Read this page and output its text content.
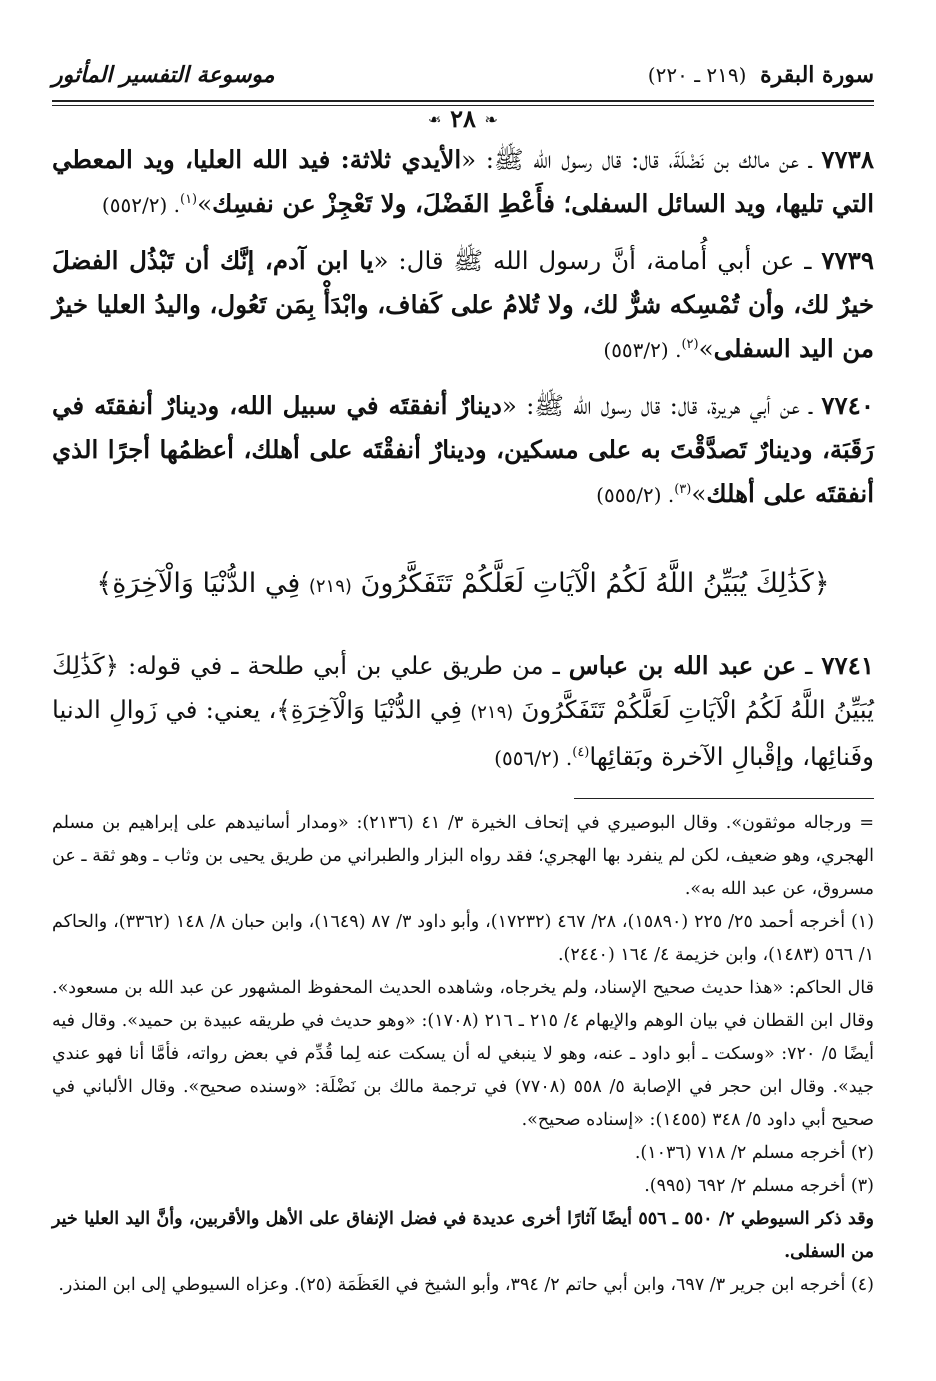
سورة البقرة (٢١٩ ـ ٢٢٠)
موسوعة التفسير المأثور
❧ ٢٨ ❧

٧٧٣٨ ـ عن مالك بن نَضْلَةَ، قال: قال رسول الله ﷺ: «الأيدي ثلاثة: فيد الله العليا، ويد المعطي التي تليها، ويد السائل السفلى؛ فأَعْطِ الفَضْلَ، ولا تَعْجِزْ عن نفسِك»$^{(١)}$. (٥٥٢/٢)

٧٧٣٩ ـ عن أبي أُمامة، أنَّ رسول الله ﷺ قال: «يا ابن آدم، إنَّك أن تَبْذُل الفضلَ خيرٌ لك، وأن تُمْسِكه شرٌّ لك، ولا تُلامُ على كَفاف، وابْدَأْ بِمَن تَعُول، واليدُ العليا خيرٌ من اليد السفلى»$^{(٢)}$. (٥٥٣/٢)

٧٧٤٠ ـ عن أبي هريرة، قال: قال رسول الله ﷺ: «دينارٌ أنفقتَه في سبيل الله، ودينارٌ أنفقتَه في رَقَبَة، ودينارٌ تَصدَّقْتَ به على مسكين، ودينارٌ أنفقْتَه على أهلك، أعظمُها أجرًا الذي أنفقتَه على أهلك»$^{(٣)}$. (٥٥٥/٢)

﴿كَذَٰلِكَ يُبَيِّنُ اللَّهُ لَكُمُ الْآيَاتِ لَعَلَّكُمْ تَتَفَكَّرُونَ (٢١٩) فِي الدُّنْيَا وَالْآخِرَةِ﴾

٧٧٤١ ـ عن عبد الله بن عباس ـ من طريق علي بن أبي طلحة ـ في قوله: ﴿كَذَٰلِكَ يُبَيِّنُ اللَّهُ لَكُمُ الْآيَاتِ لَعَلَّكُمْ تَتَفَكَّرُونَ (٢١٩) فِي الدُّنْيَا وَالْآخِرَةِ﴾، يعني: في زَوالِ الدنيا وفَنائِها، وإقْبالِ الآخرة وبَقائِها$^{(٤)}$. (٥٥٦/٢)

= ورجاله موثقون». وقال البوصيري في إتحاف الخيرة ٣/ ٤١ (٢١٣٦): «ومدار أسانيدهم على إبراهيم بن مسلم الهجري، وهو ضعيف، لكن لم ينفرد بها الهجري؛ فقد رواه البزار والطبراني من طريق يحيى بن وثاب ـ وهو ثقة ـ عن مسروق، عن عبد الله به».

(١) أخرجه أحمد ٢٥/ ٢٢٥ (١٥٨٩٠)، ٢٨/ ٤٦٧ (١٧٢٣٢)، وأبو داود ٣/ ٨٧ (١٦٤٩)، وابن حبان ٨/ ١٤٨ (٣٣٦٢)، والحاكم ١/ ٥٦٦ (١٤٨٣)، وابن خزيمة ٤/ ١٦٤ (٢٤٤٠).

قال الحاكم: «هذا حديث صحيح الإسناد، ولم يخرجاه، وشاهده الحديث المحفوظ المشهور عن عبد الله بن مسعود». وقال ابن القطان في بيان الوهم والإيهام ٤/ ٢١٥ ـ ٢١٦ (١٧٠٨): «وهو حديث في طريقه عبيدة بن حميد». وقال فيه أيضًا ٥/ ٧٢٠: «وسكت ـ أبو داود ـ عنه، وهو لا ينبغي له أن يسكت عنه لِما قُدِّم في بعض رواته، فأمَّا أنا فهو عندي جيد». وقال ابن حجر في الإصابة ٥/ ٥٥٨ (٧٧٠٨) في ترجمة مالك بن نَضْلَة: «وسنده صحيح». وقال الألباني في صحيح أبي داود ٥/ ٣٤٨ (١٤٥٥): «إسناده صحيح».

(٢) أخرجه مسلم ٢/ ٧١٨ (١٠٣٦).

(٣) أخرجه مسلم ٢/ ٦٩٢ (٩٩٥).

وقد ذكر السيوطي ٢/ ٥٥٠ ـ ٥٥٦ أيضًا آثارًا أخرى عديدة في فضل الإنفاق على الأهل والأقربين، وأنَّ اليد العليا خير من السفلى.

(٤) أخرجه ابن جرير ٣/ ٦٩٧، وابن أبي حاتم ٢/ ٣٩٤، وأبو الشيخ في العَظَمَة (٢٥). وعزاه السيوطي إلى ابن المنذر.
